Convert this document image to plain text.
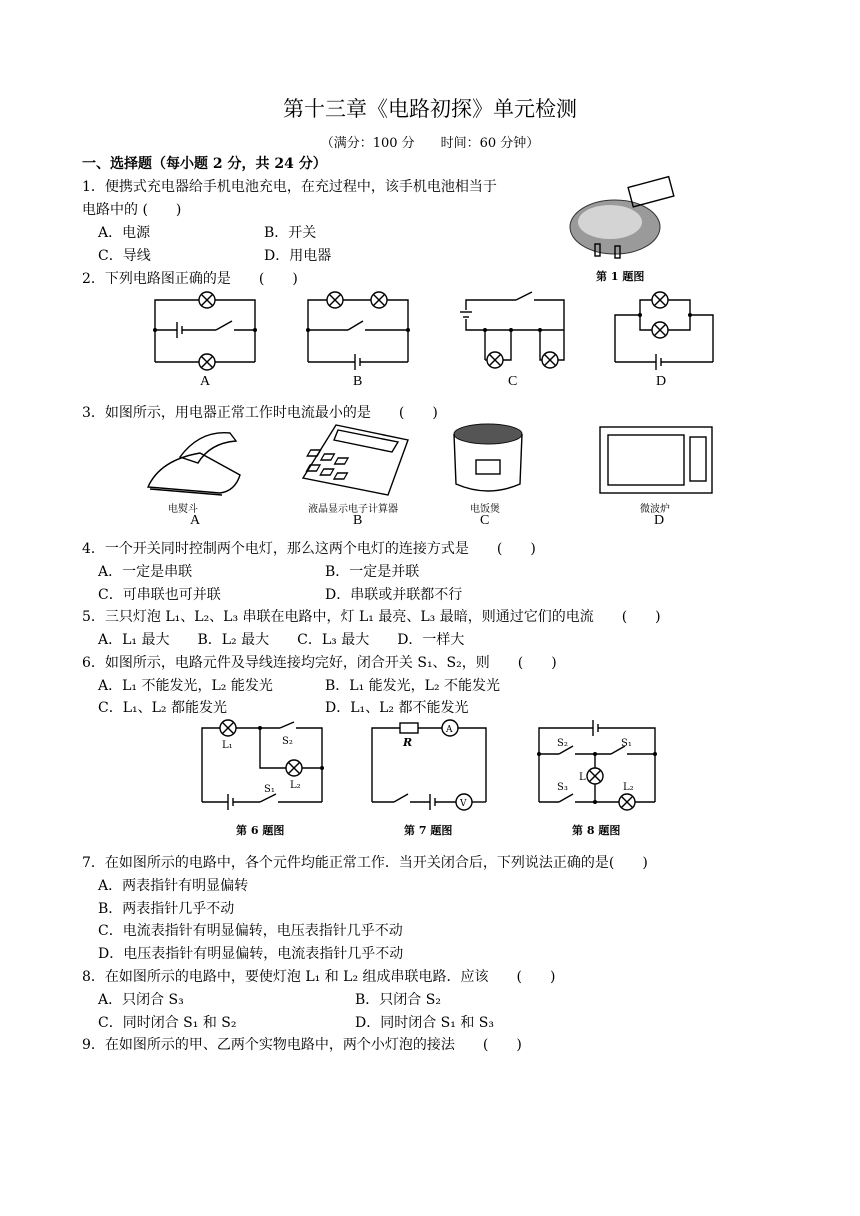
第十三章《电路初探》单元检测
（满分：100 分　　时间：60 分钟）
一、选择题（每小题 2 分，共 24 分）
1．便携式充电器给手机电池充电，在充过程中，该手机电池相当于
电路中的 (　　)
A．电源	B．开关
C．导线	D．用电器
第 1 题图
2．下列电路图正确的是　　(　　)
A	B	C	D
3．如图所示，用电器正常工作时电流最小的是　　(　　)
电熨斗
A
液晶显示电子计算器
B
电饭煲
C
微波炉
D
4．一个开关同时控制两个电灯，那么这两个电灯的连接方式是　　(　　)
A．一定是串联	B．一定是并联
C．可串联也可并联	D．串联或并联都不行
5．三只灯泡 L₁、L₂、L₃ 串联在电路中，灯 L₁ 最亮、L₃ 最暗，则通过它们的电流　　(　　)
A．L₁ 最大　　B．L₂ 最大　　C．L₃ 最大　　D．一样大
6．如图所示，电路元件及导线连接均完好，闭合开关 S₁、S₂，则　　(　　)
A．L₁ 不能发光，L₂ 能发光	B．L₁ 能发光，L₂ 不能发光
C．L₁、L₂ 都能发光	D．L₁、L₂ 都不能发光
L₁	S₂
L₂
S₁
第 6 题图
R
A
V
第 7 题图
S₂	S₁
L
S₃	L₂
第 8 题图
7．在如图所示的电路中，各个元件均能正常工作．当开关闭合后，下列说法正确的是(　　)
A．两表指针有明显偏转
B．两表指针几乎不动
C．电流表指针有明显偏转，电压表指针几乎不动
D．电压表指针有明显偏转，电流表指针几乎不动
8．在如图所示的电路中，要使灯泡 L₁ 和 L₂ 组成串联电路．应该　　(　　)
A．只闭合 S₃	B．只闭合 S₂
C．同时闭合 S₁ 和 S₂	D．同时闭合 S₁ 和 S₃
9．在如图所示的甲、乙两个实物电路中，两个小灯泡的接法　　(　　)
